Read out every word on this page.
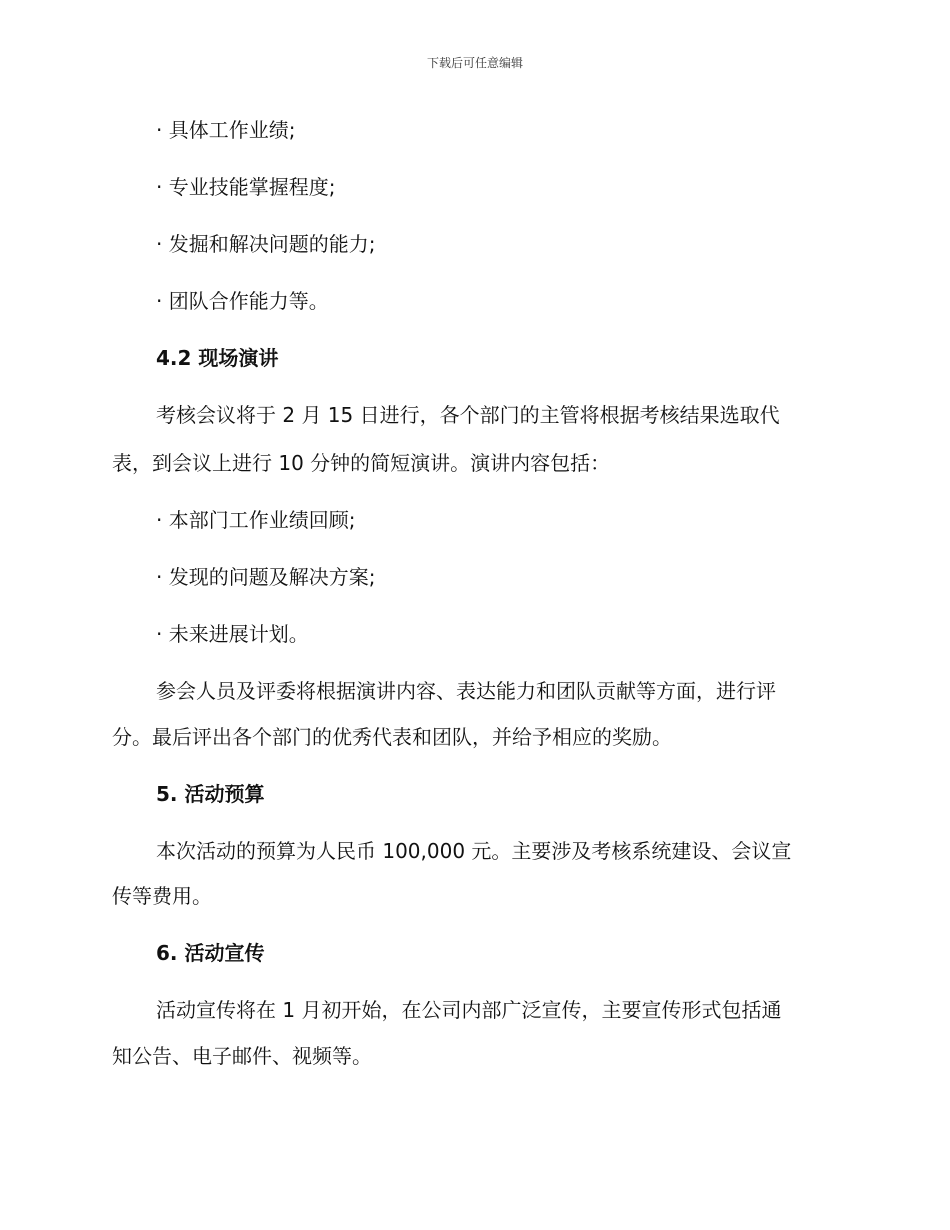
下载后可任意编辑
· 具体工作业绩;
· 专业技能掌握程度;
· 发掘和解决问题的能力;
· 团队合作能力等。
4.2 现场演讲
考核会议将于 2 月 15 日进行，各个部门的主管将根据考核结果选取代
表，到会议上进行 10 分钟的简短演讲。演讲内容包括：
· 本部门工作业绩回顾;
· 发现的问题及解决方案;
· 未来进展计划。
参会人员及评委将根据演讲内容、表达能力和团队贡献等方面，进行评
分。最后评出各个部门的优秀代表和团队，并给予相应的奖励。
5. 活动预算
本次活动的预算为人民币 100,000 元。主要涉及考核系统建设、会议宣
传等费用。
6. 活动宣传
活动宣传将在 1 月初开始，在公司内部广泛宣传，主要宣传形式包括通
知公告、电子邮件、视频等。
